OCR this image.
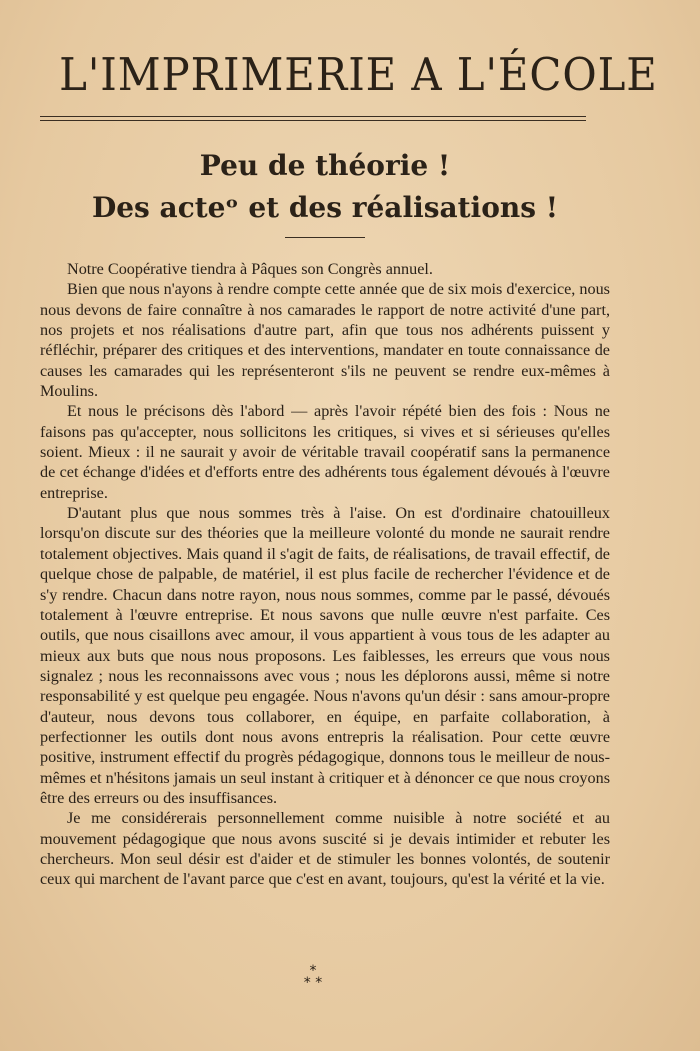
L'IMPRIMERIE A L'ÉCOLE
Peu de théorie !
Des acteᵒ et des réalisations !

Notre Coopérative tiendra à Pâques son Congrès annuel.

Bien que nous n'ayons à rendre compte cette année que de six mois d'exercice, nous nous devons de faire connaître à nos camarades le rapport de notre activité d'une part, nos projets et nos réalisations d'autre part, afin que tous nos adhérents puissent y réfléchir, préparer des critiques et des interventions, mandater en toute connaissance de causes les camarades qui les représenteront s'ils ne peuvent se rendre eux-mêmes à Moulins.

Et nous le précisons dès l'abord — après l'avoir répété bien des fois : Nous ne faisons pas qu'accepter, nous sollicitons les critiques, si vives et si sérieuses qu'elles soient. Mieux : il ne saurait y avoir de véritable travail coopératif sans la permanence de cet échange d'idées et d'efforts entre des adhérents tous également dévoués à l'œuvre entreprise.

D'autant plus que nous sommes très à l'aise. On est d'ordinaire chatouilleux lorsqu'on discute sur des théories que la meilleure volonté du monde ne saurait rendre totalement objectives. Mais quand il s'agit de faits, de réalisations, de travail effectif, de quelque chose de palpable, de matériel, il est plus facile de rechercher l'évidence et de s'y rendre. Chacun dans notre rayon, nous nous sommes, comme par le passé, dévoués totalement à l'œuvre entreprise. Et nous savons que nulle œuvre n'est parfaite. Ces outils, que nous cisaillons avec amour, il vous appartient à vous tous de les adapter au mieux aux buts que nous nous proposons. Les faiblesses, les erreurs que vous nous signalez ; nous les reconnaissons avec vous ; nous les déplorons aussi, même si notre responsabilité y est quelque peu engagée. Nous n'avons qu'un désir : sans amour-propre d'auteur, nous devons tous collaborer, en équipe, en parfaite collaboration, à perfectionner les outils dont nous avons entrepris la réalisation. Pour cette œuvre positive, instrument effectif du progrès pédagogique, donnons tous le meilleur de nous-mêmes et n'hésitons jamais un seul instant à critiquer et à dénoncer ce que nous croyons être des erreurs ou des insuffisances.

Je me considérerais personnellement comme nuisible à notre société et au mouvement pédagogique que nous avons suscité si je devais intimider et rebuter les chercheurs. Mon seul désir est d'aider et de stimuler les bonnes volontés, de soutenir ceux qui marchent de l'avant parce que c'est en avant, toujours, qu'est la vérité et la vie.

*
* *
